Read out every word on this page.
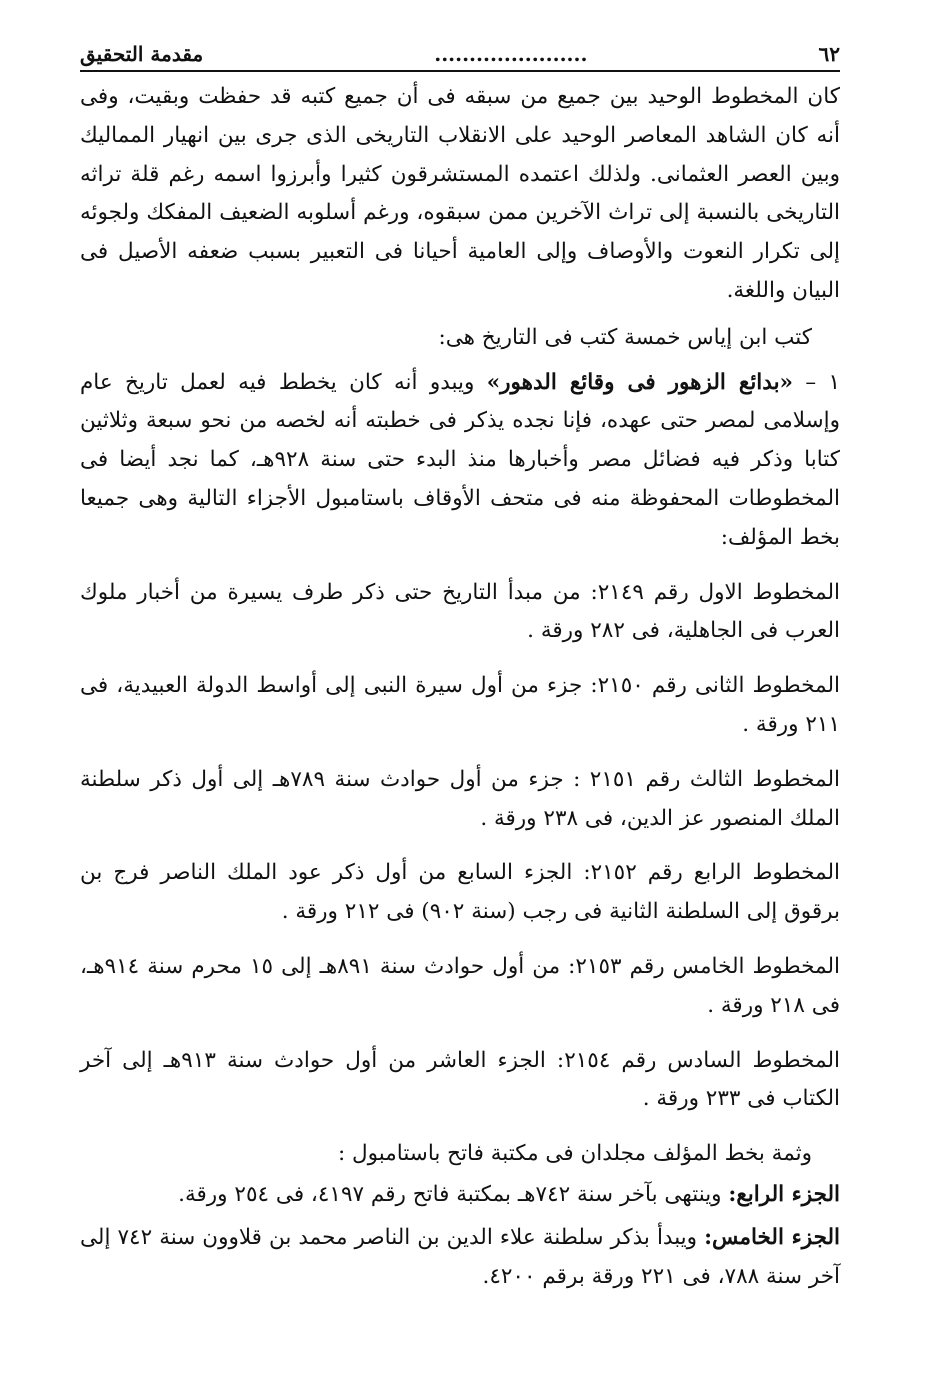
٦٢
......................
مقدمة التحقيق

كان المخطوط الوحيد بين جميع من سبقه فى أن جميع كتبه قد حفظت وبقيت، وفى أنه كان الشاهد المعاصر الوحيد على الانقلاب التاريخى الذى جرى بين انهيار المماليك وبين العصر العثمانى. ولذلك اعتمده المستشرقون كثيرا وأبرزوا اسمه رغم قلة تراثه التاريخى بالنسبة إلى تراث الآخرين ممن سبقوه، ورغم أسلوبه الضعيف المفكك ولجوئه إلى تكرار النعوت والأوصاف وإلى العامية أحيانا فى التعبير بسبب ضعفه الأصيل فى البيان واللغة.

كتب ابن إياس خمسة كتب فى التاريخ هى:

١ – «بدائع الزهور فى وقائع الدهور» ويبدو أنه كان يخطط فيه لعمل تاريخ عام وإسلامى لمصر حتى عهده، فإنا نجده يذكر فى خطبته أنه لخصه من نحو سبعة وثلاثين كتابا وذكر فيه فضائل مصر وأخبارها منذ البدء حتى سنة ٩٢٨هـ، كما نجد أيضا فى المخطوطات المحفوظة منه فى متحف الأوقاف باستامبول الأجزاء التالية وهى جميعا بخط المؤلف:

المخطوط الاول رقم ٢١٤٩: من مبدأ التاريخ حتى ذكر طرف يسيرة من أخبار ملوك العرب فى الجاهلية، فى ٢٨٢ ورقة .

المخطوط الثانى رقم ٢١٥٠: جزء من أول سيرة النبى إلى أواسط الدولة العبيدية، فى ٢١١ ورقة .

المخطوط الثالث رقم ٢١٥١ : جزء من أول حوادث سنة ٧٨٩هـ إلى أول ذكر سلطنة الملك المنصور عز الدين، فى ٢٣٨ ورقة .

المخطوط الرابع رقم ٢١٥٢: الجزء السابع من أول ذكر عود الملك الناصر فرج بن برقوق إلى السلطنة الثانية فى رجب (سنة ٩٠٢) فى ٢١٢ ورقة .

المخطوط الخامس رقم ٢١٥٣: من أول حوادث سنة ٨٩١هـ إلى ١٥ محرم سنة ٩١٤هـ، فى ٢١٨ ورقة .

المخطوط السادس رقم ٢١٥٤: الجزء العاشر من أول حوادث سنة ٩١٣هـ إلى آخر الكتاب فى ٢٣٣ ورقة .

وثمة بخط المؤلف مجلدان فى مكتبة فاتح باستامبول :

الجزء الرابع: وينتهى بآخر سنة ٧٤٢هـ بمكتبة فاتح رقم ٤١٩٧، فى ٢٥٤ ورقة.

الجزء الخامس: ويبدأ بذكر سلطنة علاء الدين بن الناصر محمد بن قلاوون سنة ٧٤٢ إلى آخر سنة ٧٨٨، فى ٢٢١ ورقة برقم ٤٢٠٠.
